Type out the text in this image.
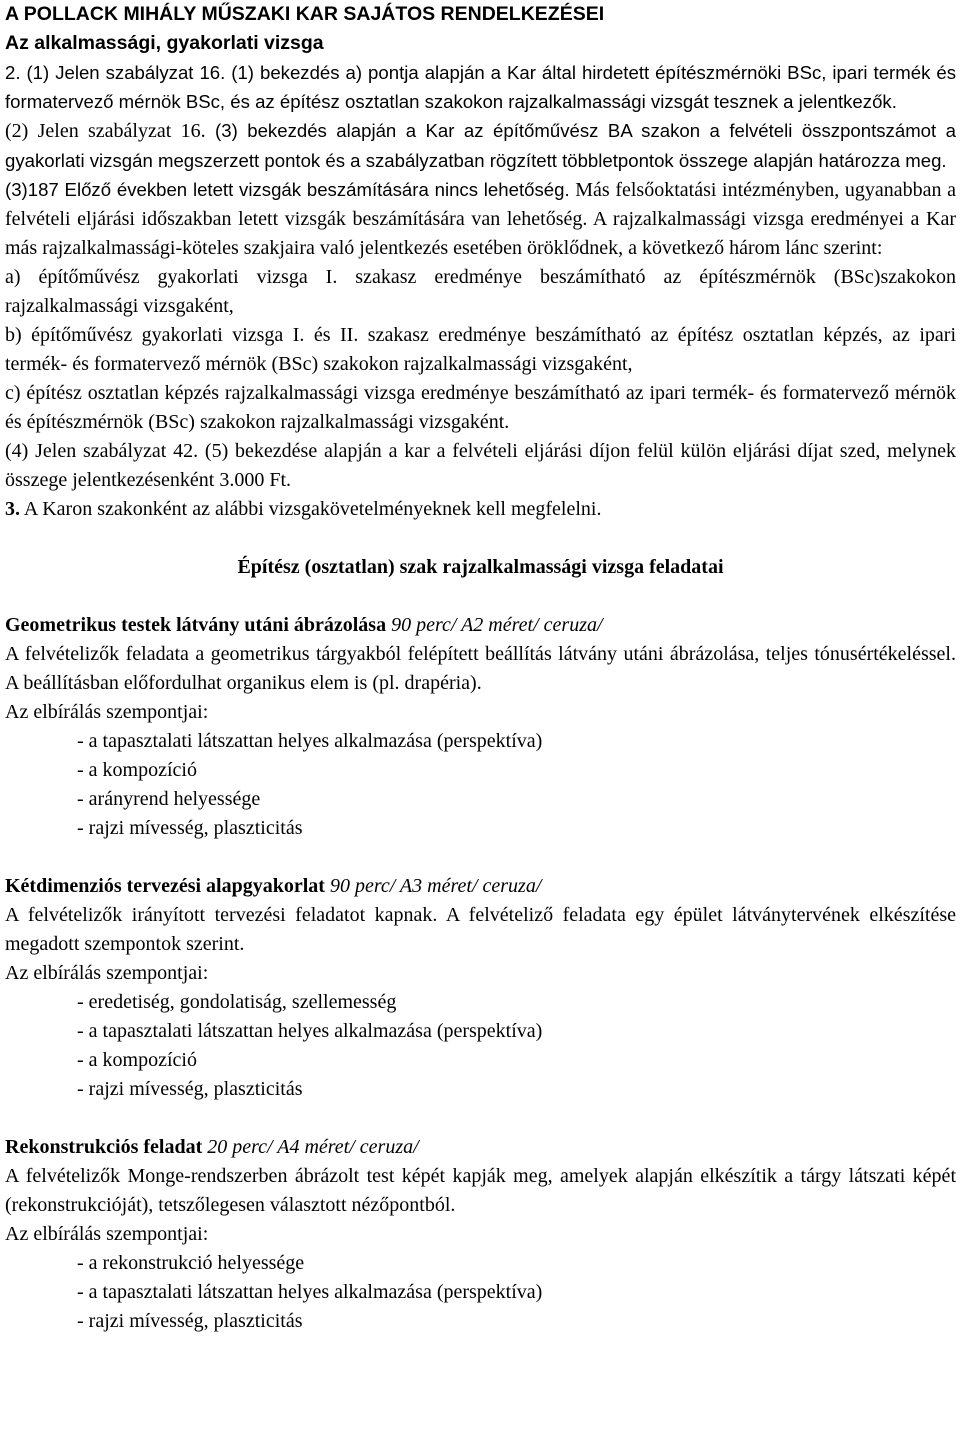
A POLLACK MIHÁLY MŰSZAKI KAR SAJÁTOS RENDELKEZÉSEI

Az alkalmassági, gyakorlati vizsga

2. (1) Jelen szabályzat 16. (1) bekezdés a) pontja alapján a Kar által hirdetett építészmérnöki BSc, ipari termék és formatervező mérnök BSc, és az építész osztatlan szakokon rajzalkalmassági vizsgát tesznek a jelentkezők.

(2) Jelen szabályzat 16. (3) bekezdés alapján a Kar az építőművész BA szakon a felvételi összpontszámot a gyakorlati vizsgán megszerzett pontok és a szabályzatban rögzített többletpontok összege alapján határozza meg.

(3)187 Előző években letett vizsgák beszámítására nincs lehetőség. Más felsőoktatási intézményben, ugyanabban a felvételi eljárási időszakban letett vizsgák beszámítására van lehetőség. A rajzalkalmassági vizsga eredményei a Kar más rajzalkalmassági-köteles szakjaira való jelentkezés esetében öröklődnek, a következő három lánc szerint:

a) építőművész gyakorlati vizsga I. szakasz eredménye beszámítható az építészmérnök (BSc)szakokon rajzalkalmassági vizsgaként,

b) építőművész gyakorlati vizsga I. és II. szakasz eredménye beszámítható az építész osztatlan képzés, az ipari termék- és formatervező mérnök (BSc) szakokon rajzalkalmassági vizsgaként,

c) építész osztatlan képzés rajzalkalmassági vizsga eredménye beszámítható az ipari termék- és formatervező mérnök és építészmérnök (BSc) szakokon rajzalkalmassági vizsgaként.

(4) Jelen szabályzat 42. (5) bekezdése alapján a kar a felvételi eljárási díjon felül külön eljárási díjat szed, melynek összege jelentkezésenként 3.000 Ft.

3. A Karon szakonként az alábbi vizsgakövetelményeknek kell megfelelni.

Építész (osztatlan) szak rajzalkalmassági vizsga feladatai

Geometrikus testek látvány utáni ábrázolása 90 perc/ A2 méret/ ceruza/

A felvételizők feladata a geometrikus tárgyakból felépített beállítás látvány utáni ábrázolása, teljes tónusértékeléssel. A beállításban előfordulhat organikus elem is (pl. drapéria).

Az elbírálás szempontjai:

- a tapasztalati látszattan helyes alkalmazása (perspektíva)

- a kompozíció

- arányrend helyessége

- rajzi mívesség, plaszticitás

Kétdimenziós tervezési alapgyakorlat 90 perc/ A3 méret/ ceruza/

A felvételizők irányított tervezési feladatot kapnak. A felvételiző feladata egy épület látványtervének elkészítése megadott szempontok szerint.

Az elbírálás szempontjai:

- eredetiség, gondolatiság, szellemesség

- a tapasztalati látszattan helyes alkalmazása (perspektíva)

- a kompozíció

- rajzi mívesség, plaszticitás

Rekonstrukciós feladat 20 perc/ A4 méret/ ceruza/

A felvételizők Monge-rendszerben ábrázolt test képét kapják meg, amelyek alapján elkészítik a tárgy látszati képét (rekonstrukcióját), tetszőlegesen választott nézőpontból.

Az elbírálás szempontjai:

- a rekonstrukció helyessége

- a tapasztalati látszattan helyes alkalmazása (perspektíva)

- rajzi mívesség, plaszticitás
